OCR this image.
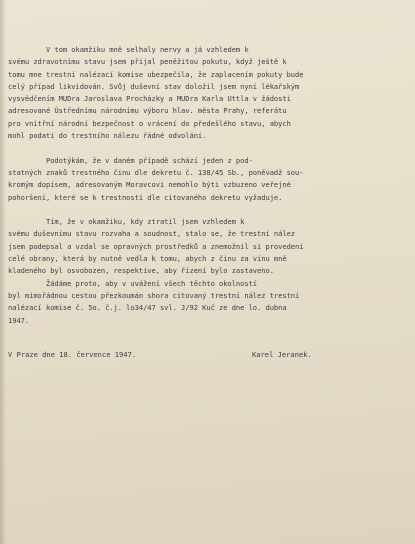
V tom okamžiku mně selhaly nervy a já vzhledem k
svému zdravotnímu stavu jsem přijal peněžitou pokutu, když ještě k
tomu mne trestní nalézací komise ubezpečila, že zaplacením pokuty bude
celý případ likvidován. Svůj duševní stav doložil jsem nyní lékařským
vysvědčením MUDra Jaroslava Procházky a MUDra Karla Uttla v žádosti
adresované Ústřednímu národnímu výboru hlav. města Prahy, referátu
pro vnitřní národní bezpečnost o vrácení do předešlého stavu, abych
mohl podati do trestního nálezu řádné odvolání.
Podotýkám, že v daném případě schází jeden z pod-
statných znaků trestného činu dle dekretu č. 138/45 Sb., poněvadž sou-
kromým dopisem, adresovaným Moravcovi nemohlo býti vzbuzeno veřejné
pohoršení, které se k trestnosti dle citovaného dekretu vyžaduje.
Tím, že v okamžiku, kdy ztratil jsem vzhledem k
svému duševnímu stavu rozvaha a soudnost, stalo se, že trestní nález
jsem podepsal a vzdal se opravných prostředků a znemožnil si provedení
celé obrany, která by nutně vedla k tomu, abych z činu za vinu mně
kladeného byl osvobozen, respektive, aby řízení bylo zastaveno.
Žádáme proto, aby v uvážení všech těchto okolností
byl mimořádnou cestou přezkoumán shora citovaný trestní nález trestní
nalézací komise č. 5o. č.j. lo34/47 svl. J/92 Kuč ze dne lo. dubna
1947.
V Praze dne 18. července 1947.	Karel Jeranek.
